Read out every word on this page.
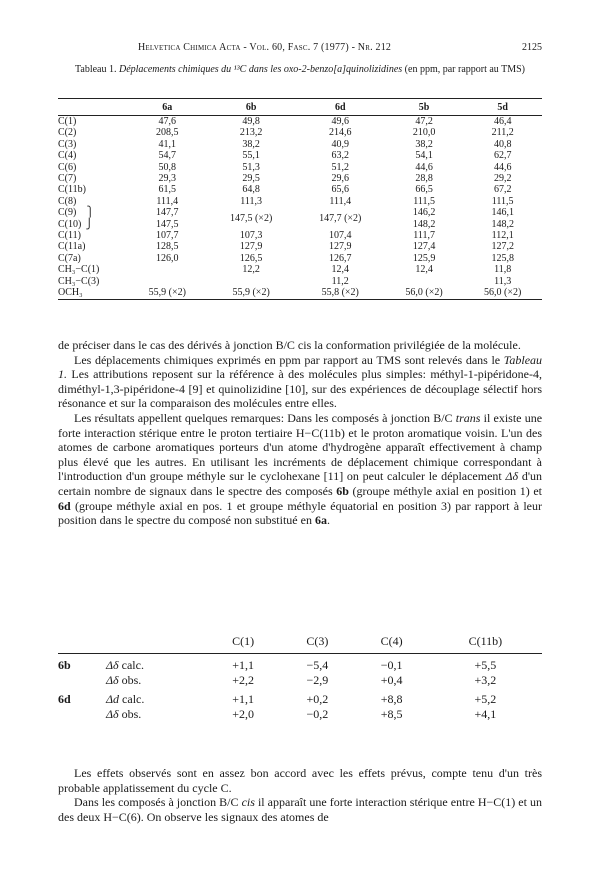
Helvetica Chimica Acta - Vol. 60, Fasc. 7 (1977) - Nr. 212	2125
Tableau 1. Déplacements chimiques du ¹³C dans les oxo-2-benzo[a]quinolizidines (en ppm, par rapport au TMS)
	6a	6b	6d	5b	5d
C(1)	47,6	49,8	49,6	47,2	46,4
C(2)	208,5	213,2	214,6	210,0	211,2
C(3)	41,1	38,2	40,9	38,2	40,8
C(4)	54,7	55,1	63,2	54,1	62,7
C(6)	50,8	51,3	51,2	44,6	44,6
C(7)	29,3	29,5	29,6	28,8	29,2
C(11b)	61,5	64,8	65,6	66,5	67,2
C(8)	111,4	111,3	111,4	111,5	111,5
C(9) ⎫	147,7	147,5 (×2)	147,7 (×2)	146,2	146,1
C(10) ⎭	147,5			148,2	148,2
C(11)	107,7	107,3	107,4	111,7	112,1
C(11a)	128,5	127,9	127,9	127,4	127,2
C(7a)	126,0	126,5	126,7	125,9	125,8
CH₃−C(1)		12,2	12,4	12,4	11,8
CH₃−C(3)			11,2		11,3
OCH₃	55,9 (×2)	55,9 (×2)	55,8 (×2)	56,0 (×2)	56,0 (×2)

de préciser dans le cas des dérivés à jonction B/C cis la conformation privilégiée de la molécule.

Les déplacements chimiques exprimés en ppm par rapport au TMS sont relevés dans le Tableau 1. Les attributions reposent sur la référence à des molécules plus simples: méthyl-1-pipéridone-4, diméthyl-1,3-pipéridone-4 [9] et quinolizidine [10], sur des expériences de découplage sélectif hors résonance et sur la comparaison des molécules entre elles.

Les résultats appellent quelques remarques: Dans les composés à jonction B/C trans il existe une forte interaction stérique entre le proton tertiaire H−C(11b) et le proton aromatique voisin. L'un des atomes de carbone aromatiques porteurs d'un atome d'hydrogène apparaît effectivement à champ plus élevé que les autres. En utilisant les incréments de déplacement chimique correspondant à l'introduction d'un groupe méthyle sur le cyclohexane [11] on peut calculer le déplacement Δδ d'un certain nombre de signaux dans le spectre des composés 6b (groupe méthyle axial en position 1) et 6d (groupe méthyle axial en pos. 1 et groupe méthyle équatorial en position 3) par rapport à leur position dans le spectre du composé non substitué en 6a.

		C(1)	C(3)	C(4)	C(11b)
6b	Δδ calc.	+1,1	−5,4	−0,1	+5,5
	Δδ obs.	+2,2	−2,9	+0,4	+3,2
6d	Δd calc.	+1,1	+0,2	+8,8	+5,2
	Δδ obs.	+2,0	−0,2	+8,5	+4,1

Les effets observés sont en assez bon accord avec les effets prévus, compte tenu d'un très probable applatissement du cycle C.

Dans les composés à jonction B/C cis il apparaît une forte interaction stérique entre H−C(1) et un des deux H−C(6). On observe les signaux des atomes de
